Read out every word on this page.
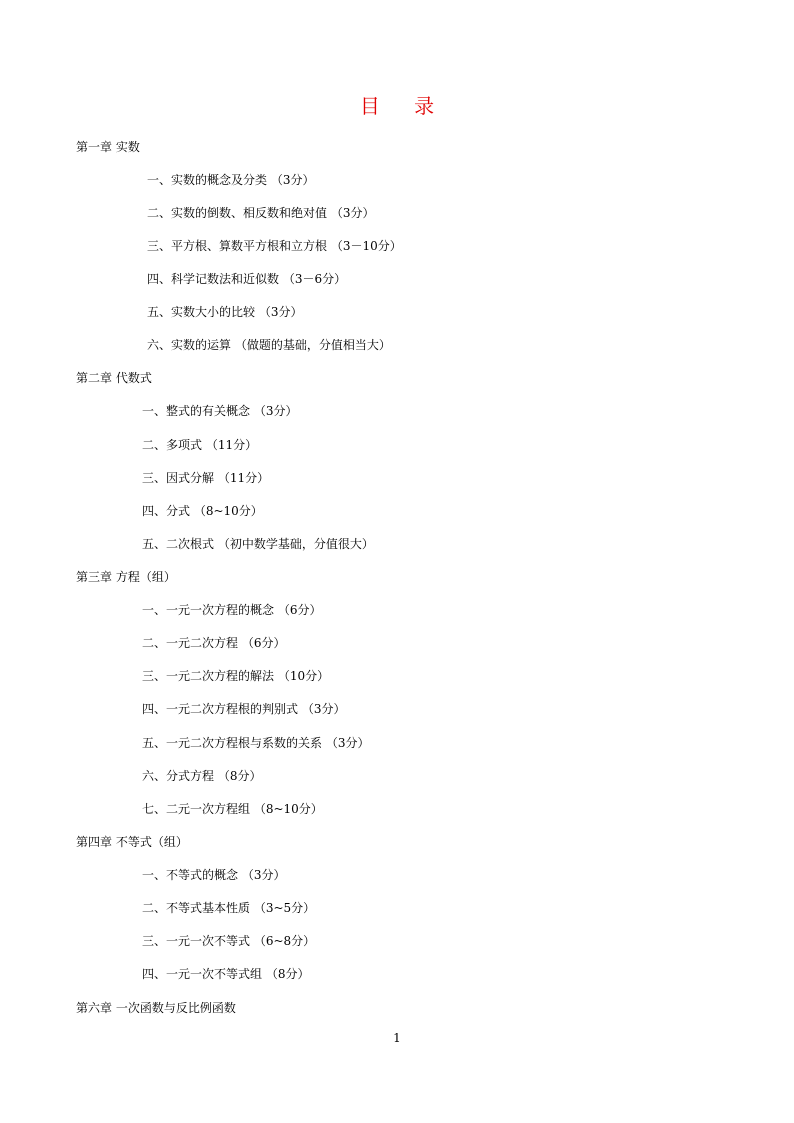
目 录
第一章 实数
一、实数的概念及分类 （3分）
二、实数的倒数、相反数和绝对值 （3分）
三、平方根、算数平方根和立方根 （3－10分）
四、科学记数法和近似数 （3－6分）
五、实数大小的比较 （3分）
六、实数的运算 （做题的基础，分值相当大）
第二章 代数式
一、整式的有关概念 （3分）
二、多项式 （11分）
三、因式分解 （11分）
四、分式 （8~10分）
五、二次根式 （初中数学基础，分值很大）
第三章 方程（组）
一、一元一次方程的概念 （6分）
二、一元二次方程 （6分）
三、一元二次方程的解法 （10分）
四、一元二次方程根的判别式 （3分）
五、一元二次方程根与系数的关系 （3分）
六、分式方程 （8分）
七、二元一次方程组 （8~10分）
第四章 不等式（组）
一、不等式的概念 （3分）
二、不等式基本性质 （3~5分）
三、一元一次不等式 （6~8分）
四、一元一次不等式组 （8分）
第六章 一次函数与反比例函数
1
